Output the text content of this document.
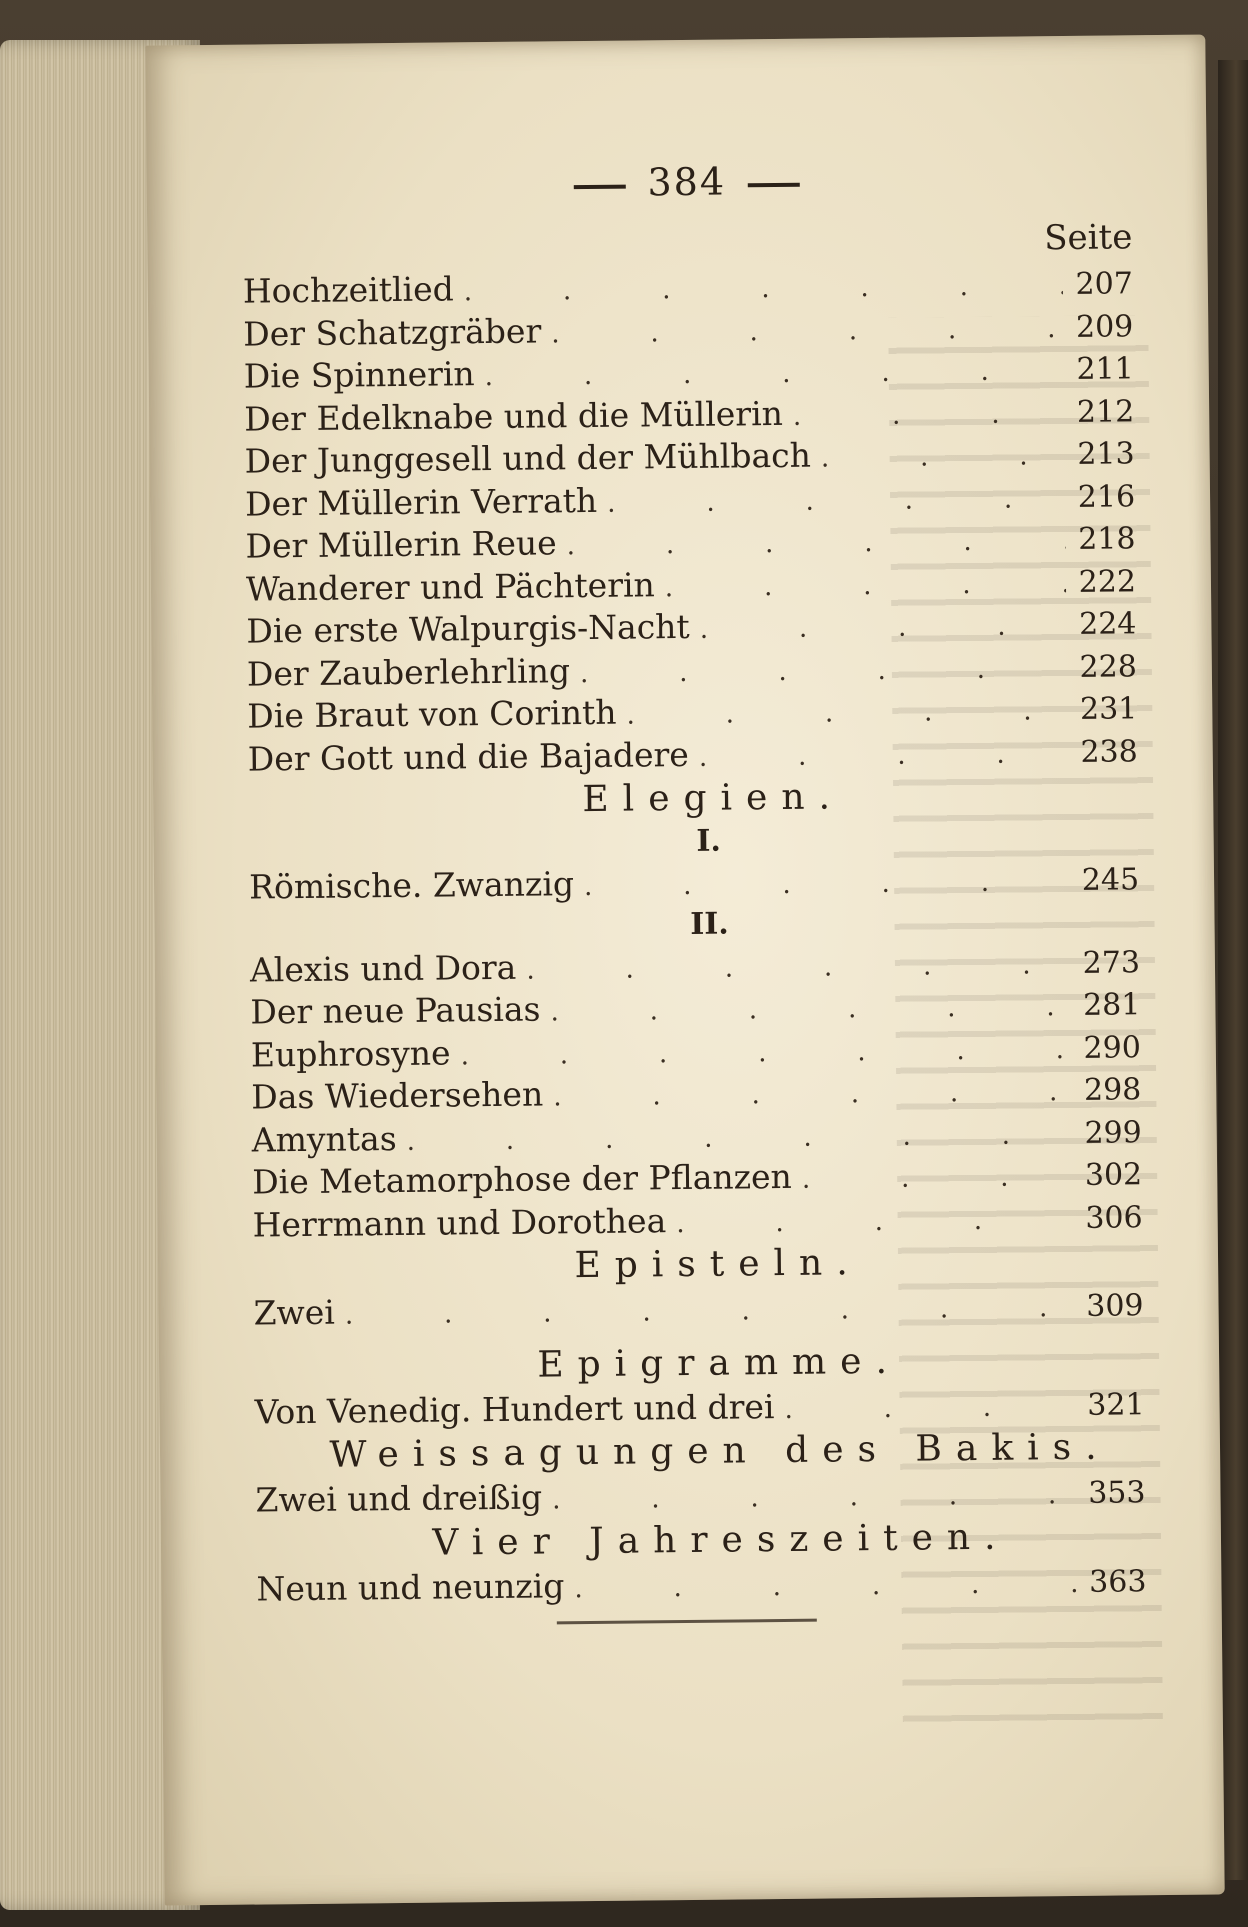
384
Seite
Hochzeitlied .	207
Der Schatzgräber .	209
Die Spinnerin .	211
Der Edelknabe und die Müllerin .	212
Der Junggesell und der Mühlbach .	213
Der Müllerin Verrath .	216
Der Müllerin Reue .	218
Wanderer und Pächterin .	222
Die erste Walpurgis-Nacht .	224
Der Zauberlehrling .	228
Die Braut von Corinth .	231
Der Gott und die Bajadere .	238
Elegien.
I.
Römische. Zwanzig .	245
II.
Alexis und Dora .	273
Der neue Pausias .	281
Euphrosyne .	290
Das Wiedersehen .	298
Amyntas .	299
Die Metamorphose der Pflanzen .	302
Herrmann und Dorothea .	306
Episteln.
Zwei .	309
Epigramme.
Von Venedig. Hundert und drei .	321
Weissagungen des Bakis.
Zwei und dreißig .	353
Vier Jahreszeiten.
Neun und neunzig .	363
